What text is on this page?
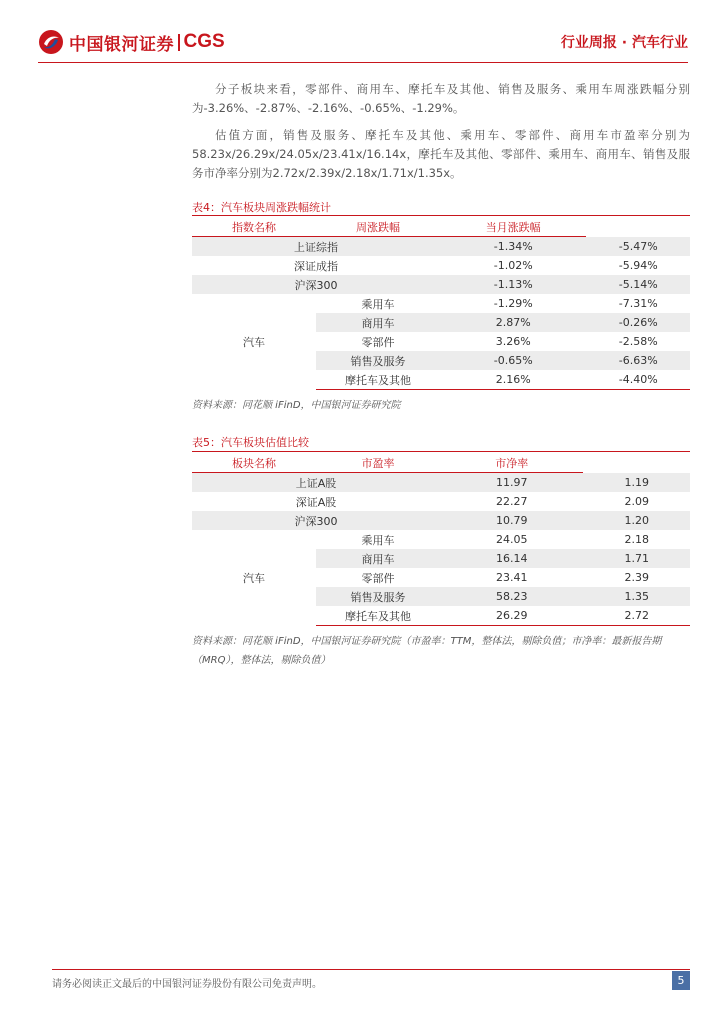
中国银河证券 CGS	行业周报 · 汽车行业
分子板块来看，零部件、商用车、摩托车及其他、销售及服务、乘用车周涨跌幅分别为-3.26%、-2.87%、-2.16%、-0.65%、-1.29%。
估值方面，销售及服务、摩托车及其他、乘用车、零部件、商用车市盈率分别为58.23x/26.29x/24.05x/23.41x/16.14x，摩托车及其他、零部件、乘用车、商用车、销售及服务市净率分别为2.72x/2.39x/2.18x/1.71x/1.35x。
表4：汽车板块周涨跌幅统计
指数名称	周涨跌幅	当月涨跌幅	
上证综指		-1.34%	-5.47%
深证成指		-1.02%	-5.94%
沪深300		-1.13%	-5.14%
汽车	乘用车	-1.29%	-7.31%
	商用车	2.87%	-0.26%
	零部件	3.26%	-2.58%
	销售及服务	-0.65%	-6.63%
	摩托车及其他	2.16%	-4.40%
资料来源：同花顺 iFinD，中国银河证券研究院
表5：汽车板块估值比较
板块名称	市盈率	市净率	
上证A股		11.97	1.19
深证A股		22.27	2.09
沪深300		10.79	1.20
汽车	乘用车	24.05	2.18
	商用车	16.14	1.71
	零部件	23.41	2.39
	销售及服务	58.23	1.35
	摩托车及其他	26.29	2.72
资料来源：同花顺 iFinD，中国银河证券研究院（市盈率：TTM，整体法，剔除负值；市净率：最新报告期（MRQ），整体法，剔除负值）
请务必阅读正文最后的中国银河证券股份有限公司免责声明。	5
